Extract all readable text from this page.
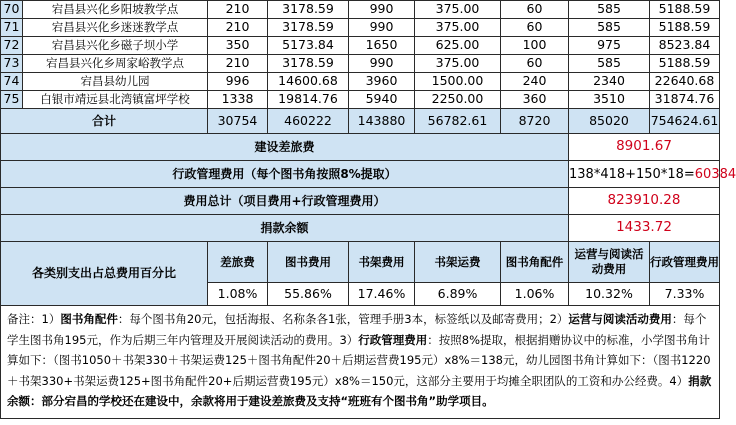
70	宕昌县兴化乡阳坡教学点	210	3178.59	990	375.00	60	585	5188.59
71	宕昌县兴化乡迷迷教学点	210	3178.59	990	375.00	60	585	5188.59
72	宕昌县兴化乡磁子坝小学	350	5173.84	1650	625.00	100	975	8523.84
73	宕昌县兴化乡周家峪教学点	210	3178.59	990	375.00	60	585	5188.59
74	宕昌县幼儿园	996	14600.68	3960	1500.00	240	2340	22640.68
75	白银市靖远县北湾镇富坪学校	1338	19814.76	5940	2250.00	360	3510	31874.76
合计		30754	460222	143880	56782.61	8720	85020	754624.61
建设差旅费							8901.67	
行政管理费用（每个图书角按照8%提取）							138*418+150*18=60384	
费用总计（项目费用+行政管理费用）							823910.28	
捐款余额							1433.72	
各类别支出占总费用百分比		差旅费	图书费用	书架费用	书架运费	图书角配件	运营与阅读活动费用	行政管理费用
		1.08%	55.86%	17.46%	6.89%	1.06%	10.32%	7.33%
备注：1）图书角配件：每个图书角20元，包括海报、名称条各1张，管理手册3本，标签纸以及邮寄费用；2）运营与阅读活动费用：每个学生图书角195元，作为后期三年内管理及开展阅读活动的费用。3）行政管理费用：按照8%提取，根据捐赠协议中的标准，小学图书角计算如下：（图书1050＋书架330＋书架运费125＋图书角配件20＋后期运营费195元）x8%＝138元，幼儿园图书角计算如下：（图书1220＋书架330+书架运费125+图书角配件20+后期运营费195元）x8%＝150元，这部分主要用于均摊全职团队的工资和办公经费。4）捐款余额：部分宕昌的学校还在建设中，余款将用于建设差旅费及支持“班班有个图书角”助学项目。								
